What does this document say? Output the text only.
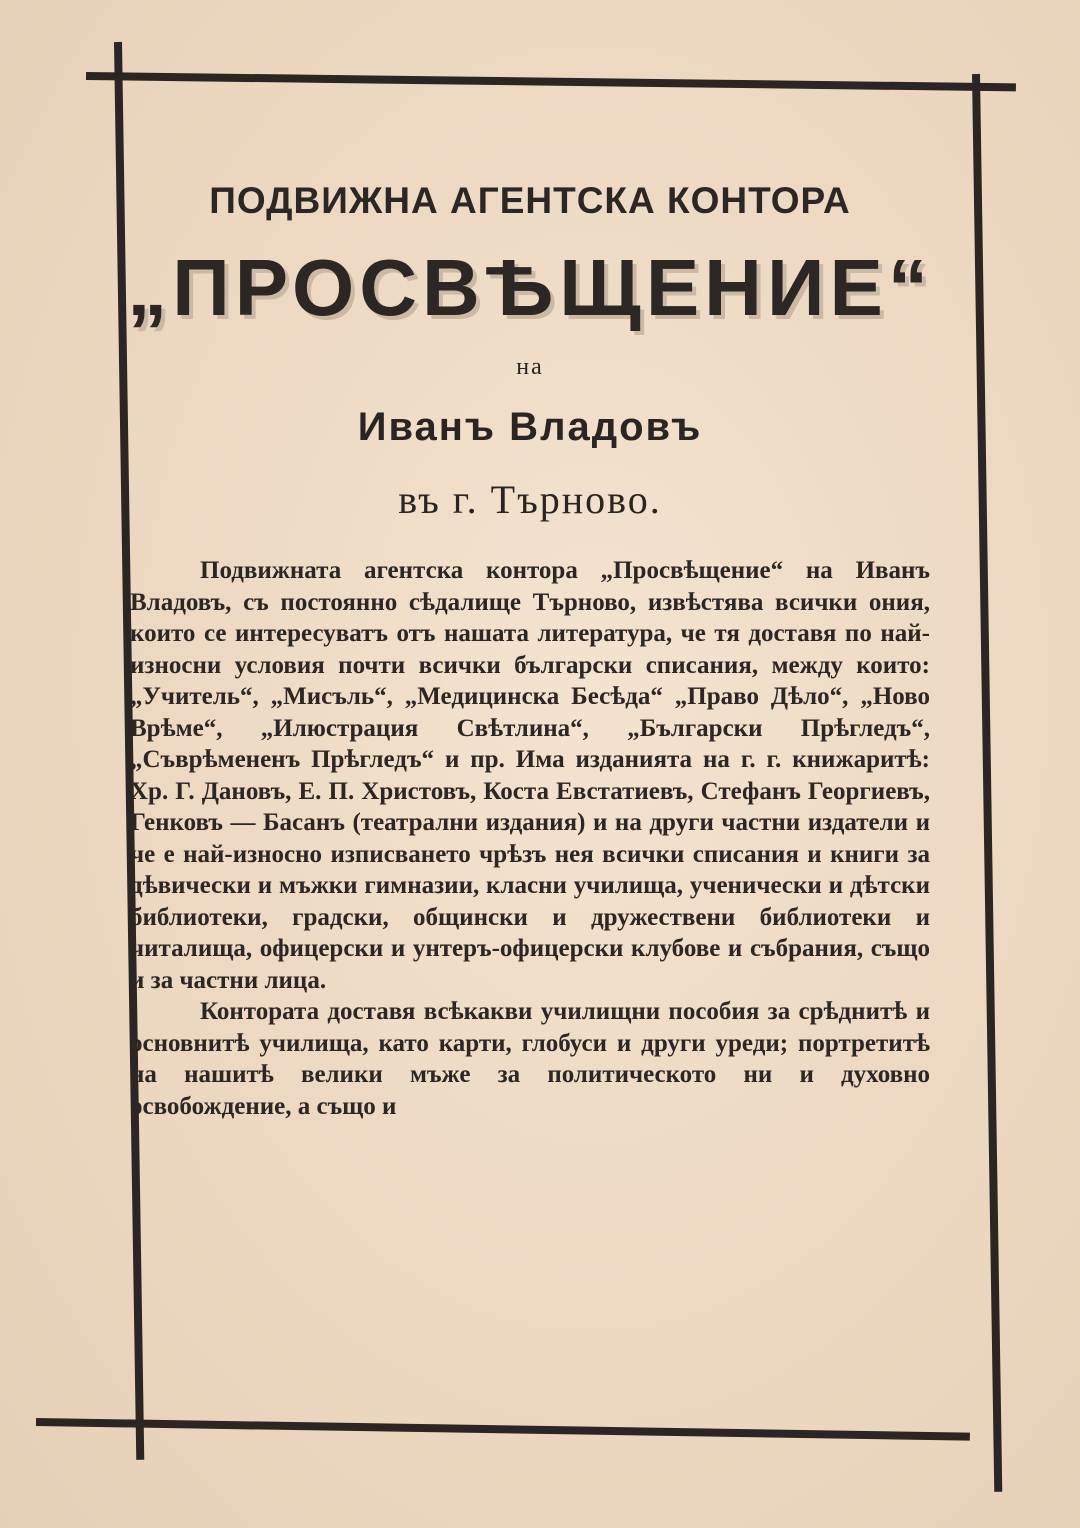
ПОДВИЖНА АГЕНТСКА КОНТОРА
„ПРОСВѢЩЕНИЕ“
на
Иванъ Владовъ
въ г. Търново.

Подвижната агентска контора „Просвѣщение“ на Иванъ Владовъ, съ постоянно сѣдалище Търново, извѣстява всички ония, които се интересуватъ отъ нашата литература, че тя доставя по най-износни условия почти всички български списания, между които: „Учитель“, „Мисъль“, „Медицинска Бесѣда“ „Право Дѣло“, „Ново Врѣме“, „Илюстрация Свѣтлина“, „Български Прѣгледъ“, „Съврѣмененъ Прѣгледъ“ и пр. Има изданията на г. г. книжаритѣ: Хр. Г. Дановъ, Е. П. Христовъ, Коста Евстатиевъ, Стефанъ Георгиевъ, Генковъ — Басанъ (театрални издания) и на други частни издатели и че е най-износно изписването чрѣзъ нея всички списания и книги за дѣвически и мъжки гимназии, класни училища, ученически и дѣтски библиотеки, градски, общински и дружествени библиотеки и читалища, офицерски и унтеръ-офицерски клубове и събрания, също и за частни лица.

Контората доставя всѣкакви училищни пособия за срѣднитѣ и основнитѣ училища, като карти, глобуси и други уреди; портретитѣ на нашитѣ велики мъже за политическото ни и духовно освобождение, а също и
